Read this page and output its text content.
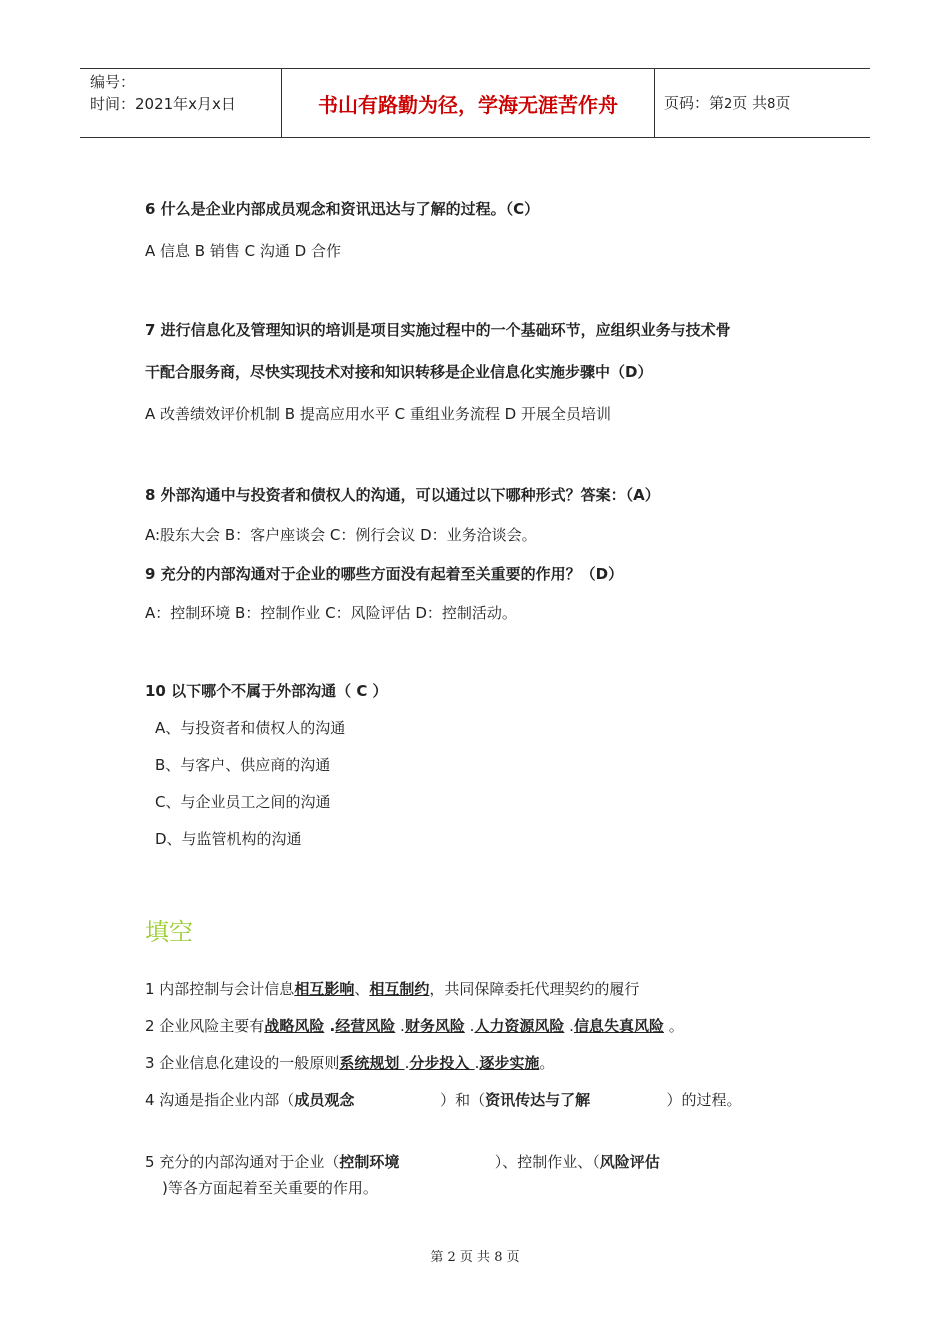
编号：
时间：2021年x月x日	书山有路勤为径，学海无涯苦作舟	页码：第2页 共8页
6 什么是企业内部成员观念和资讯迅达与了解的过程。（C）
A 信息 B 销售 C 沟通 D 合作
7 进行信息化及管理知识的培训是项目实施过程中的一个基础环节，应组织业务与技术骨
干配合服务商，尽快实现技术对接和知识转移是企业信息化实施步骤中（D）
A 改善绩效评价机制 B 提高应用水平 C 重组业务流程 D 开展全员培训
8 外部沟通中与投资者和债权人的沟通，可以通过以下哪种形式？答案：（A）
A:股东大会 B：客户座谈会 C：例行会议 D：业务洽谈会。
9 充分的内部沟通对于企业的哪些方面没有起着至关重要的作用？（D）
A：控制环境 B：控制作业 C：风险评估 D：控制活动。
10 以下哪个不属于外部沟通（ C ）
A、与投资者和债权人的沟通
B、与客户、供应商的沟通
C、与企业员工之间的沟通
D、与监管机构的沟通
填空
1 内部控制与会计信息相互影响、相互制约，共同保障委托代理契约的履行
2 企业风险主要有战略风险 .经营风险 .财务风险 .人力资源风险 .信息失真风险 。
3 企业信息化建设的一般原则系统规划 .分步投入 .逐步实施。
4 沟通是指企业内部（成员观念                  ）和（资讯传达与了解                ）的过程。
5 充分的内部沟通对于企业（控制环境                    ）、控制作业、（风险评估
)等各方面起着至关重要的作用。
第 2 页 共 8 页
